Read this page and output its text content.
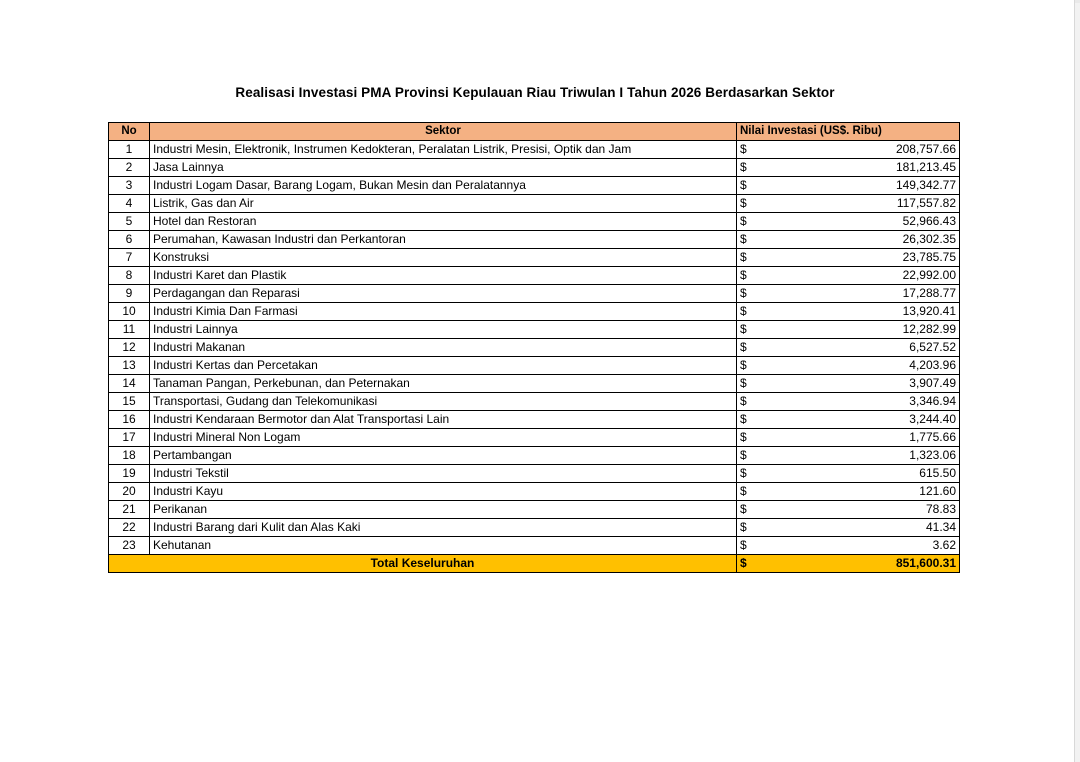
Realisasi Investasi PMA Provinsi Kepulauan Riau Triwulan I Tahun 2026 Berdasarkan Sektor
No	Sektor	Nilai Investasi (US$. Ribu)	
1	Industri Mesin, Elektronik, Instrumen Kedokteran, Peralatan Listrik, Presisi, Optik dan Jam	$	208,757.66
2	Jasa Lainnya	$	181,213.45
3	Industri Logam Dasar, Barang Logam, Bukan Mesin dan Peralatannya	$	149,342.77
4	Listrik, Gas dan Air	$	117,557.82
5	Hotel dan Restoran	$	52,966.43
6	Perumahan, Kawasan Industri dan Perkantoran	$	26,302.35
7	Konstruksi	$	23,785.75
8	Industri Karet dan Plastik	$	22,992.00
9	Perdagangan dan Reparasi	$	17,288.77
10	Industri Kimia Dan Farmasi	$	13,920.41
11	Industri Lainnya	$	12,282.99
12	Industri Makanan	$	6,527.52
13	Industri Kertas dan Percetakan	$	4,203.96
14	Tanaman Pangan, Perkebunan, dan Peternakan	$	3,907.49
15	Transportasi, Gudang dan Telekomunikasi	$	3,346.94
16	Industri Kendaraan Bermotor dan Alat Transportasi Lain	$	3,244.40
17	Industri Mineral Non Logam	$	1,775.66
18	Pertambangan	$	1,323.06
19	Industri Tekstil	$	615.50
20	Industri Kayu	$	121.60
21	Perikanan	$	78.83
22	Industri Barang dari Kulit dan Alas Kaki	$	41.34
23	Kehutanan	$	3.62
Total Keseluruhan		$	851,600.31
